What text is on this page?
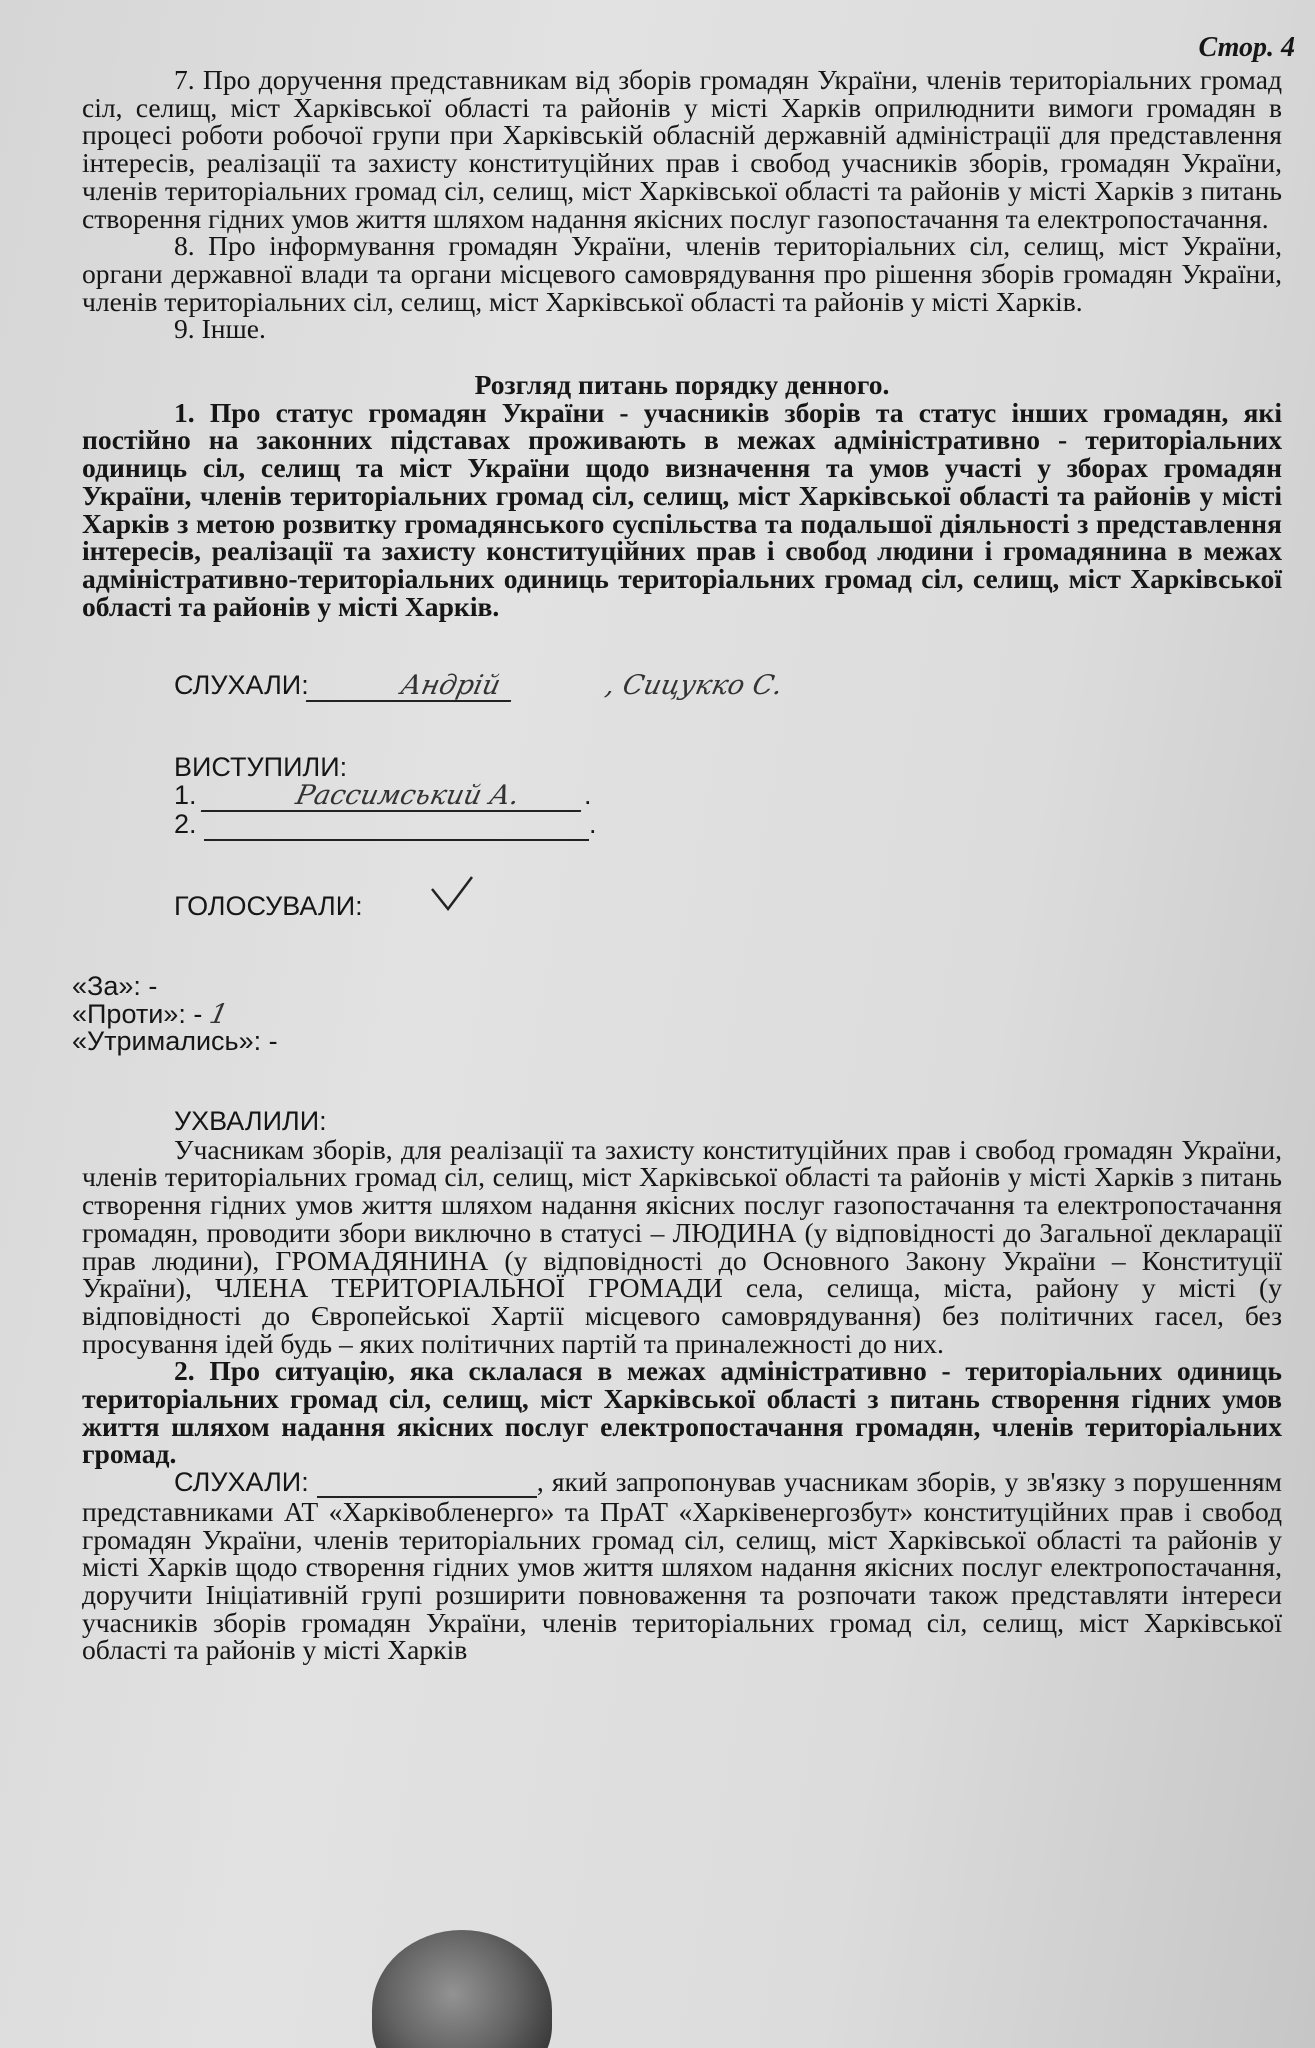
Стор. 4

7. Про доручення представникам від зборів громадян України, членів територіальних громад сіл, селищ, міст Харківської області та районів у місті Харків оприлюднити вимоги громадян в процесі роботи робочої групи при Харківській обласній державній адміністрації для представлення інтересів, реалізації та захисту конституційних прав і свобод учасників зборів, громадян України, членів територіальних громад сіл, селищ, міст Харківської області та районів у місті Харків з питань створення гідних умов життя шляхом надання якісних послуг газопостачання та електропостачання.

8. Про інформування громадян України, членів територіальних сіл, селищ, міст України, органи державної влади та органи місцевого самоврядування про рішення зборів громадян України, членів територіальних сіл, селищ, міст Харківської області та районів у місті Харків.

9. Інше.

Розгляд питань порядку денного.

1. Про статус громадян України - учасників зборів та статус інших громадян, які постійно на законних підставах проживають в межах адміністративно - територіальних одиниць сіл, селищ та міст України щодо визначення та умов участі у зборах громадян України, членів територіальних громад сіл, селищ, міст Харківської області та районів у місті Харків з метою розвитку громадянського суспільства та подальшої діяльності з представлення інтересів, реалізації та захисту конституційних прав і свобод людини і громадянина в межах адміністративно-територіальних одиниць територіальних громад сіл, селищ, міст Харківської області та районів у місті Харків.

СЛУХАЛИ:	Андрій	, Сицукко С.

ВИСТУПИЛИ:

1.	Рассимський А. .

2.	.

ГОЛОСУВАЛИ:

«За»: -

«Проти»: - 1

«Утримались»: -

УХВАЛИЛИ:

Учасникам зборів, для реалізації та захисту конституційних прав і свобод громадян України, членів територіальних громад сіл, селищ, міст Харківської області та районів у місті Харків з питань створення гідних умов життя шляхом надання якісних послуг газопостачання та електропостачання громадян, проводити збори виключно в статусі – ЛЮДИНА (у відповідності до Загальної декларації прав людини), ГРОМАДЯНИНА (у відповідності до Основного Закону України – Конституції України), ЧЛЕНА ТЕРИТОРІАЛЬНОЇ ГРОМАДИ села, селища, міста, району у місті (у відповідності до Європейської Хартії місцевого самоврядування) без політичних гасел, без просування ідей будь – яких політичних партій та приналежності до них.

2. Про ситуацію, яка склалася в межах адміністративно - територіальних одиниць територіальних громад сіл, селищ, міст Харківської області з питань створення гідних умов життя шляхом надання якісних послуг електропостачання громадян, членів територіальних громад.

СЛУХАЛИ:	, який запропонував учасникам зборів, у зв'язку з порушенням представниками АТ «Харківобленерго» та ПрАТ «Харківенергозбут» конституційних прав і свобод громадян України, членів територіальних громад сіл, селищ, міст Харківської області та районів у місті Харків щодо створення гідних умов життя шляхом надання якісних послуг електропостачання, доручити Ініціативній групі розширити повноваження та розпочати також представляти інтереси учасників зборів громадян України, членів територіальних громад сіл, селищ, міст Харківської області та районів у місті Харків
